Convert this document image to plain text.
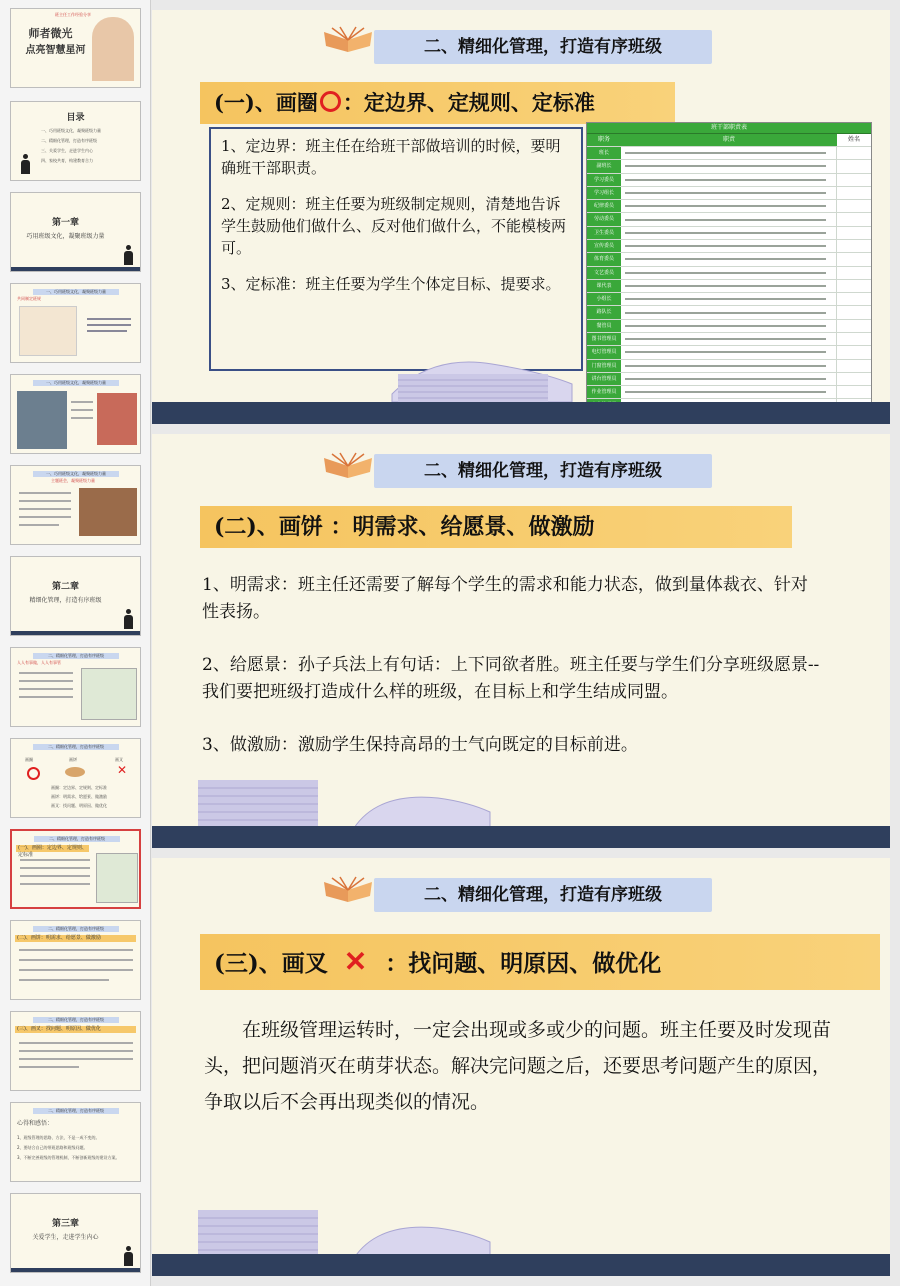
班主任工作经验分享
师者微光
点亮智慧星河
目录
一、巧用班级文化，凝聚班级力量
二、精细化管理，打造有序班级
三、关爱学生，走进学生内心
四、家校共育，构建教育合力
第一章
巧用班级文化，凝聚班级力量
一、巧用班级文化，凝聚班级力量
共同制定班规
一、巧用班级文化，凝聚班级力量
一、巧用班级文化，凝聚班级力量
主题班会，凝聚班级力量
第二章
精细化管理，打造有序班级
二、精细化管理，打造有序班级
人人有事做，人人有事管
二、精细化管理，打造有序班级
画圈	画饼	画叉
✕
画圈：定边界、定规则、定标准
画饼：明需求、给愿景、做激励
画叉：找问题、明原因、做优化
二、精细化管理，打造有序班级
(一)、画圈：定边界、定规则、定标准
二、精细化管理，打造有序班级
(二)、画饼：明需求、给愿景、做激励
二、精细化管理，打造有序班级
(三)、画叉：找问题、明原因、做优化
二、精细化管理，打造有序班级
心得和感悟：
1、班级管理的思路、方法，不是一成不变的。
2、要结合自己的带班思路和班级问题。
3、不断完善班级的管理机制，不断创新班级的建设方案。
第三章
关爱学生，走进学生内心
二、精细化管理，打造有序班级
(一)、画圈 ：定边界、定规则、定标准
1、定边界：班主任在给班干部做培训的时候，要明确班干部职责。
2、定规则：班主任要为班级制定规则，清楚地告诉学生鼓励他们做什么、反对他们做什么，不能模棱两可。
3、定标准：班主任要为学生个体定目标、提要求。
班干部职责表
职务	职责	姓名
班长
副班长
学习委员
学习组长
纪律委员
劳动委员
卫生委员
宣传委员
体育委员
文艺委员
课代表
小组长
路队长
餐管员
图书管理员
电灯管理员
门窗管理员
讲台管理员
作业管理员
二、精细化管理，打造有序班级
(二)、画饼 ：明需求、给愿景、做激励
1、明需求：班主任还需要了解每个学生的需求和能力状态，做到量体裁衣、针对性表扬。
2、给愿景：孙子兵法上有句话：上下同欲者胜。班主任要与学生们分享班级愿景--我们要把班级打造成什么样的班级，在目标上和学生结成同盟。
3、做激励：激励学生保持高昂的士气向既定的目标前进。
二、精细化管理，打造有序班级
(三)、画叉 ✕ ：找问题、明原因、做优化
在班级管理运转时，一定会出现或多或少的问题。班主任要及时发现苗头，把问题消灭在萌芽状态。解决完问题之后，还要思考问题产生的原因，争取以后不会再出现类似的情况。
